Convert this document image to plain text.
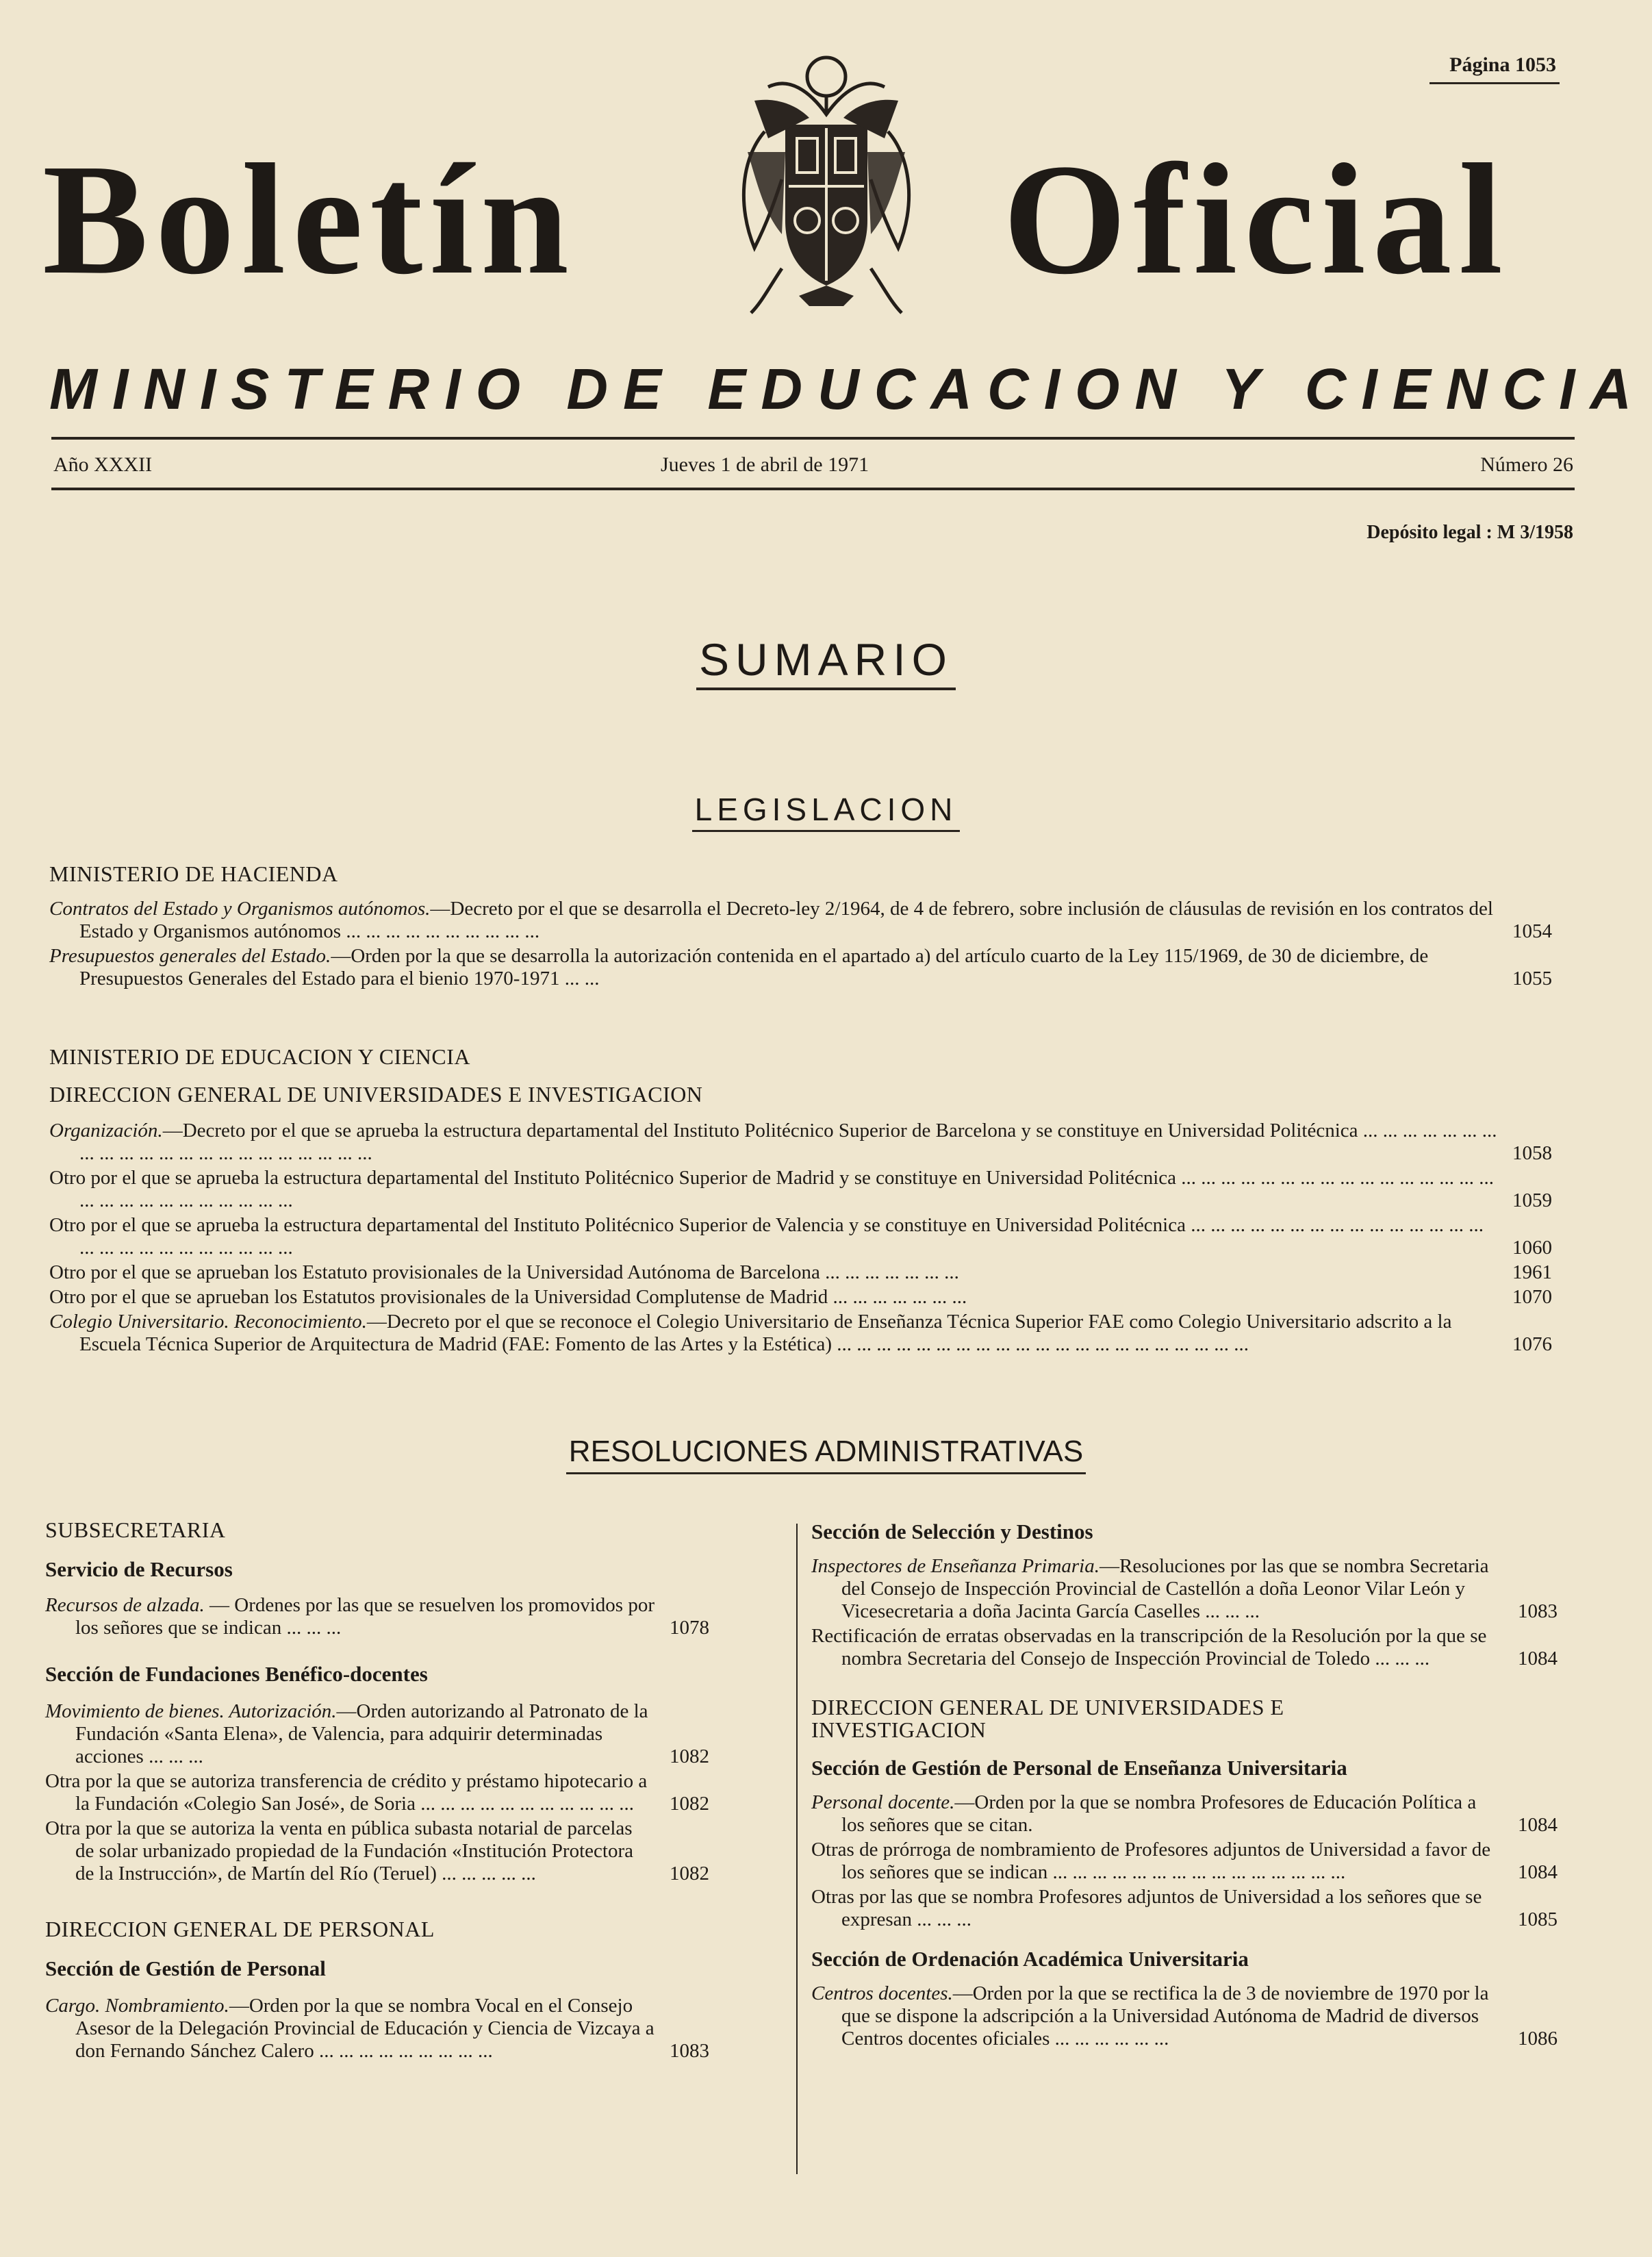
Página 1053
Boletín	Oficial
MINISTERIO DE EDUCACION Y CIENCIA
Año XXXII	Jueves 1 de abril de 1971	Número 26
Depósito legal : M 3/1958
SUMARIO
LEGISLACION
MINISTERIO DE HACIENDA
Contratos del Estado y Organismos autónomos.—Decreto por el que se desarrolla el Decreto-ley 2/1964, de 4 de febrero, sobre inclusión de cláusulas de revisión en los contratos del Estado y Organismos autónomos ... ... ... ... ... ... ... ... ... ...	1054
Presupuestos generales del Estado.—Orden por la que se desarrolla la autorización contenida en el apartado a) del artículo cuarto de la Ley 115/1969, de 30 de diciembre, de Presupuestos Generales del Estado para el bienio 1970-1971 ... ...	1055
MINISTERIO DE EDUCACION Y CIENCIA
DIRECCION GENERAL DE UNIVERSIDADES E INVESTIGACION
Organización.—Decreto por el que se aprueba la estructura departamental del Instituto Politécnico Superior de Barcelona y se constituye en Universidad Politécnica ... ... ... ... ... ... ... ... ... ... ... ... ... ... ... ... ... ... ... ... ... ...	1058
Otro por el que se aprueba la estructura departamental del Instituto Politécnico Superior de Madrid y se constituye en Universidad Politécnica ... ... ... ... ... ... ... ... ... ... ... ... ... ... ... ... ... ... ... ... ... ... ... ... ... ... ...	1059
Otro por el que se aprueba la estructura departamental del Instituto Politécnico Superior de Valencia y se constituye en Universidad Politécnica ... ... ... ... ... ... ... ... ... ... ... ... ... ... ... ... ... ... ... ... ... ... ... ... ... ...	1060
Otro por el que se aprueban los Estatuto provisionales de la Universidad Autónoma de Barcelona ... ... ... ... ... ... ...	1961
Otro por el que se aprueban los Estatutos provisionales de la Universidad Complutense de Madrid ... ... ... ... ... ... ...	1070
Colegio Universitario. Reconocimiento.—Decreto por el que se reconoce el Colegio Universitario de Enseñanza Técnica Superior FAE como Colegio Universitario adscrito a la Escuela Técnica Superior de Arquitectura de Madrid (FAE: Fomento de las Artes y la Estética) ... ... ... ... ... ... ... ... ... ... ... ... ... ... ... ... ... ... ... ... ...	1076
RESOLUCIONES ADMINISTRATIVAS
SUBSECRETARIA
Servicio de Recursos
Recursos de alzada. — Ordenes por las que se resuelven los promovidos por los señores que se indican ... ... ...	1078
Sección de Fundaciones Benéfico-docentes
Movimiento de bienes. Autorización.—Orden autorizando al Patronato de la Fundación «Santa Elena», de Valencia, para adquirir determinadas acciones ... ... ...	1082
Otra por la que se autoriza transferencia de crédito y préstamo hipotecario a la Fundación «Colegio San José», de Soria ... ... ... ... ... ... ... ... ... ... ...	1082
Otra por la que se autoriza la venta en pública subasta notarial de parcelas de solar urbanizado propiedad de la Fundación «Institución Protectora de la Instrucción», de Martín del Río (Teruel) ... ... ... ... ...	1082
DIRECCION GENERAL DE PERSONAL
Sección de Gestión de Personal
Cargo. Nombramiento.—Orden por la que se nombra Vocal en el Consejo Asesor de la Delegación Provincial de Educación y Ciencia de Vizcaya a don Fernando Sánchez Calero ... ... ... ... ... ... ... ... ...	1083
Sección de Selección y Destinos
Inspectores de Enseñanza Primaria.—Resoluciones por las que se nombra Secretaria del Consejo de Inspección Provincial de Castellón a doña Leonor Vilar León y Vicesecretaria a doña Jacinta García Caselles ... ... ...	1083
Rectificación de erratas observadas en la transcripción de la Resolución por la que se nombra Secretaria del Consejo de Inspección Provincial de Toledo ... ... ...	1084
DIRECCION GENERAL DE UNIVERSIDADES E INVESTIGACION
Sección de Gestión de Personal de Enseñanza Universitaria
Personal docente.—Orden por la que se nombra Profesores de Educación Política a los señores que se citan.	1084
Otras de prórroga de nombramiento de Profesores adjuntos de Universidad a favor de los señores que se indican ... ... ... ... ... ... ... ... ... ... ... ... ... ... ...	1084
Otras por las que se nombra Profesores adjuntos de Universidad a los señores que se expresan ... ... ...	1085
Sección de Ordenación Académica Universitaria
Centros docentes.—Orden por la que se rectifica la de 3 de noviembre de 1970 por la que se dispone la adscripción a la Universidad Autónoma de Madrid de diversos Centros docentes oficiales ... ... ... ... ... ...	1086
